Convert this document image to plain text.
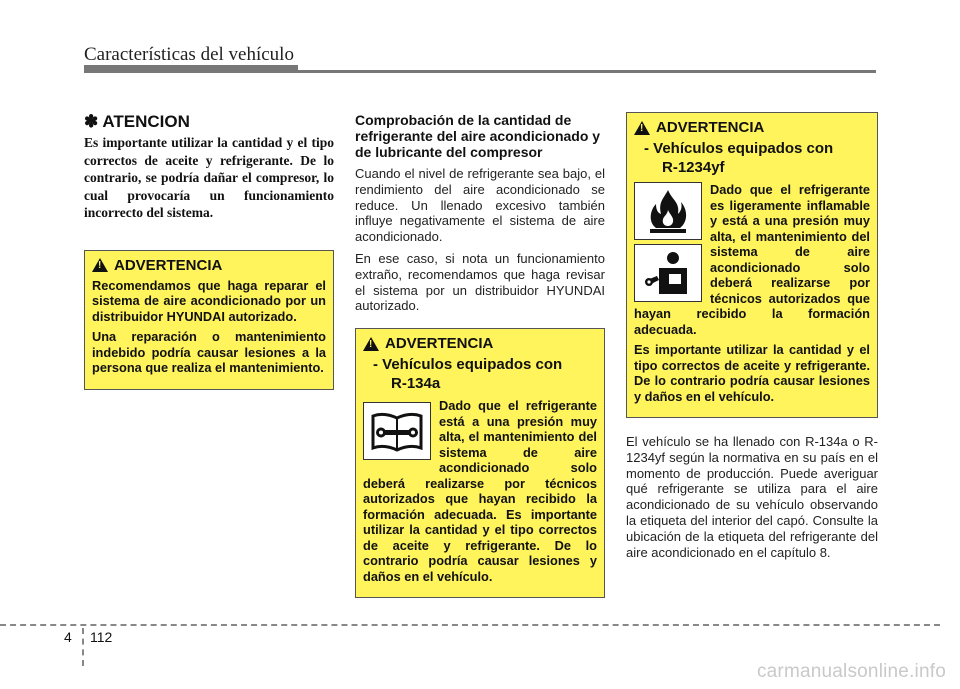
Características del vehículo
✽ ATENCION

Es importante utilizar la cantidad y el tipo correctos de aceite y refrigerante. De lo contrario, se podría dañar el compresor, lo cual provocaría un funcionamiento incorrecto del sistema.

!
ADVERTENCIA

Recomendamos que haga reparar el sistema de aire acondicionado por un distribuidor HYUNDAI autorizado.

Una reparación o mantenimiento indebido podría causar lesiones a la persona que realiza el mantenimiento.

Comprobación de la cantidad de refrigerante del aire acondicionado y de lubricante del compresor

Cuando el nivel de refrigerante sea bajo, el rendimiento del aire acondicionado se reduce. Un llenado excesivo también influye negativamente el sistema de aire acondicionado.

En ese caso, si nota un funcionamiento extraño, recomendamos que haga revisar el sistema por un distribuidor HYUNDAI autorizado.

!
ADVERTENCIA
- Vehículos equipados con
R-134a

Dado que el refrigerante está a una presión muy alta, el mantenimiento del sistema de aire acondicionado solo deberá realizarse por técnicos autorizados que hayan recibido la formación adecuada. Es importante utilizar la cantidad y el tipo correctos de aceite y refrigerante. De lo contrario podría causar lesiones y daños en el vehículo.

!
ADVERTENCIA
- Vehículos equipados con
R-1234yf

Dado que el refrigerante es ligeramente inflamable y está a una presión muy alta, el mantenimiento del sistema de aire acondicionado solo deberá realizarse por técnicos autorizados que hayan recibido la formación adecuada.

Es importante utilizar la cantidad y el tipo correctos de aceite y refrigerante. De lo contrario podría causar lesiones y daños en el vehículo.

El vehículo se ha llenado con R-134a o R-1234yf según la normativa en su país en el momento de producción. Puede averiguar qué refrigerante se utiliza para el aire acondicionado de su vehículo observando la etiqueta del interior del capó. Consulte la ubicación de la etiqueta del refrigerante del aire acondicionado en el capítulo 8.

4 112
carmanualsonline.info
